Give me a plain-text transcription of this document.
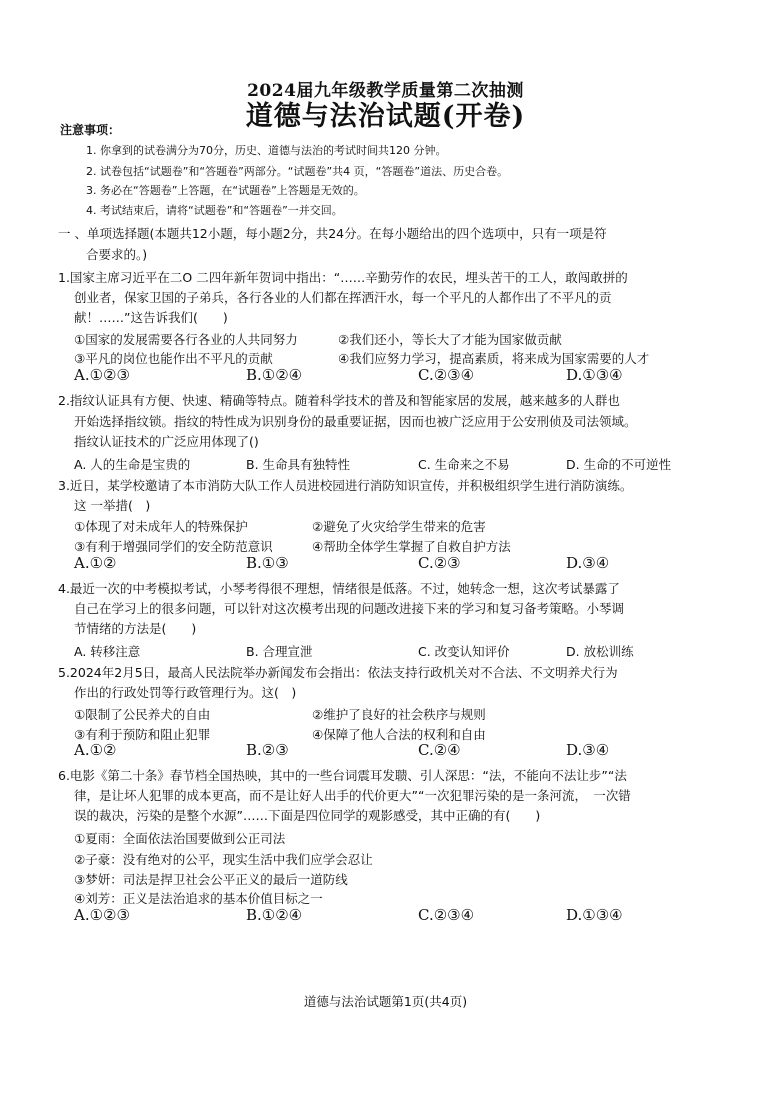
2024届九年级教学质量第二次抽测
道德与法治试题(开卷)
注意事项：
1. 你拿到的试卷满分为70分，历史、道德与法治的考试时间共120 分钟。
2. 试卷包括“试题卷”和“答题卷”两部分。“试题卷”共4 页，“答题卷”道法、历史合卷。
3. 务必在“答题卷”上答题，在“试题卷”上答题是无效的。
4. 考试结束后，请将“试题卷”和“答题卷”一并交回。
一 、单项选择题(本题共12小题，每小题2分，共24分。在每小题给出的四个选项中，只有一项是符
合要求的。)
1.国家主席习近平在二О 二四年新年贺词中指出：“……辛勤劳作的农民，埋头苦干的工人，敢闯敢拼的
创业者，保家卫国的子弟兵，各行各业的人们都在挥洒汗水，每一个平凡的人都作出了不平凡的贡
献！……”这告诉我们(　　)
①国家的发展需要各行各业的人共同努力	②我们还小，等长大了才能为国家做贡献
③平凡的岗位也能作出不平凡的贡献	④我们应努力学习，提高素质，将来成为国家需要的人才
A.①②③	B.①②④	C.②③④	D.①③④
2.指纹认证具有方便、快速、精确等特点。随着科学技术的普及和智能家居的发展，越来越多的人群也
开始选择指纹锁。指纹的特性成为识别身份的最重要证据，因而也被广泛应用于公安刑侦及司法领域。
指纹认证技术的广泛应用体现了()
A. 人的生命是宝贵的	B. 生命具有独特性	C. 生命来之不易	D. 生命的不可逆性
3.近日，某学校邀请了本市消防大队工作人员进校园进行消防知识宣传，并积极组织学生进行消防演练。
这 一举措(　)
①体现了对未成年人的特殊保护	②避免了火灾给学生带来的危害
③有利于增强同学们的安全防范意识	④帮助全体学生掌握了自救自护方法
A.①②	B.①③	C.②③	D.③④
4.最近一次的中考模拟考试，小琴考得很不理想，情绪很是低落。不过，她转念一想，这次考试暴露了
自己在学习上的很多问题，可以针对这次模考出现的问题改进接下来的学习和复习备考策略。小琴调
节情绪的方法是(　　)
A. 转移注意	B. 合理宣泄	C. 改变认知评价	D. 放松训练
5.2024年2月5日，最高人民法院举办新闻发布会指出：依法支持行政机关对不合法、不文明养犬行为
作出的行政处罚等行政管理行为。这(　)
①限制了公民养犬的自由	②维护了良好的社会秩序与规则
③有利于预防和阻止犯罪	④保障了他人合法的权利和自由
A.①②	B.②③	C.②④	D.③④
6.电影《第二十条》春节档全国热映，其中的一些台词震耳发聩、引人深思：“法，不能向不法让步”“法
律，是让坏人犯罪的成本更高，而不是让好人出手的代价更大”“一次犯罪污染的是一条河流，　一次错
误的裁决，污染的是整个水源”……下面是四位同学的观影感受，其中正确的有(　　)
①夏雨：全面依法治国要做到公正司法
②子豪：没有绝对的公平，现实生活中我们应学会忍让
③梦妍：司法是捍卫社会公平正义的最后一道防线
④刘芳：正义是法治追求的基本价值目标之一
A.①②③	B.①②④	C.②③④	D.①③④
道德与法治试题第1页(共4页)
